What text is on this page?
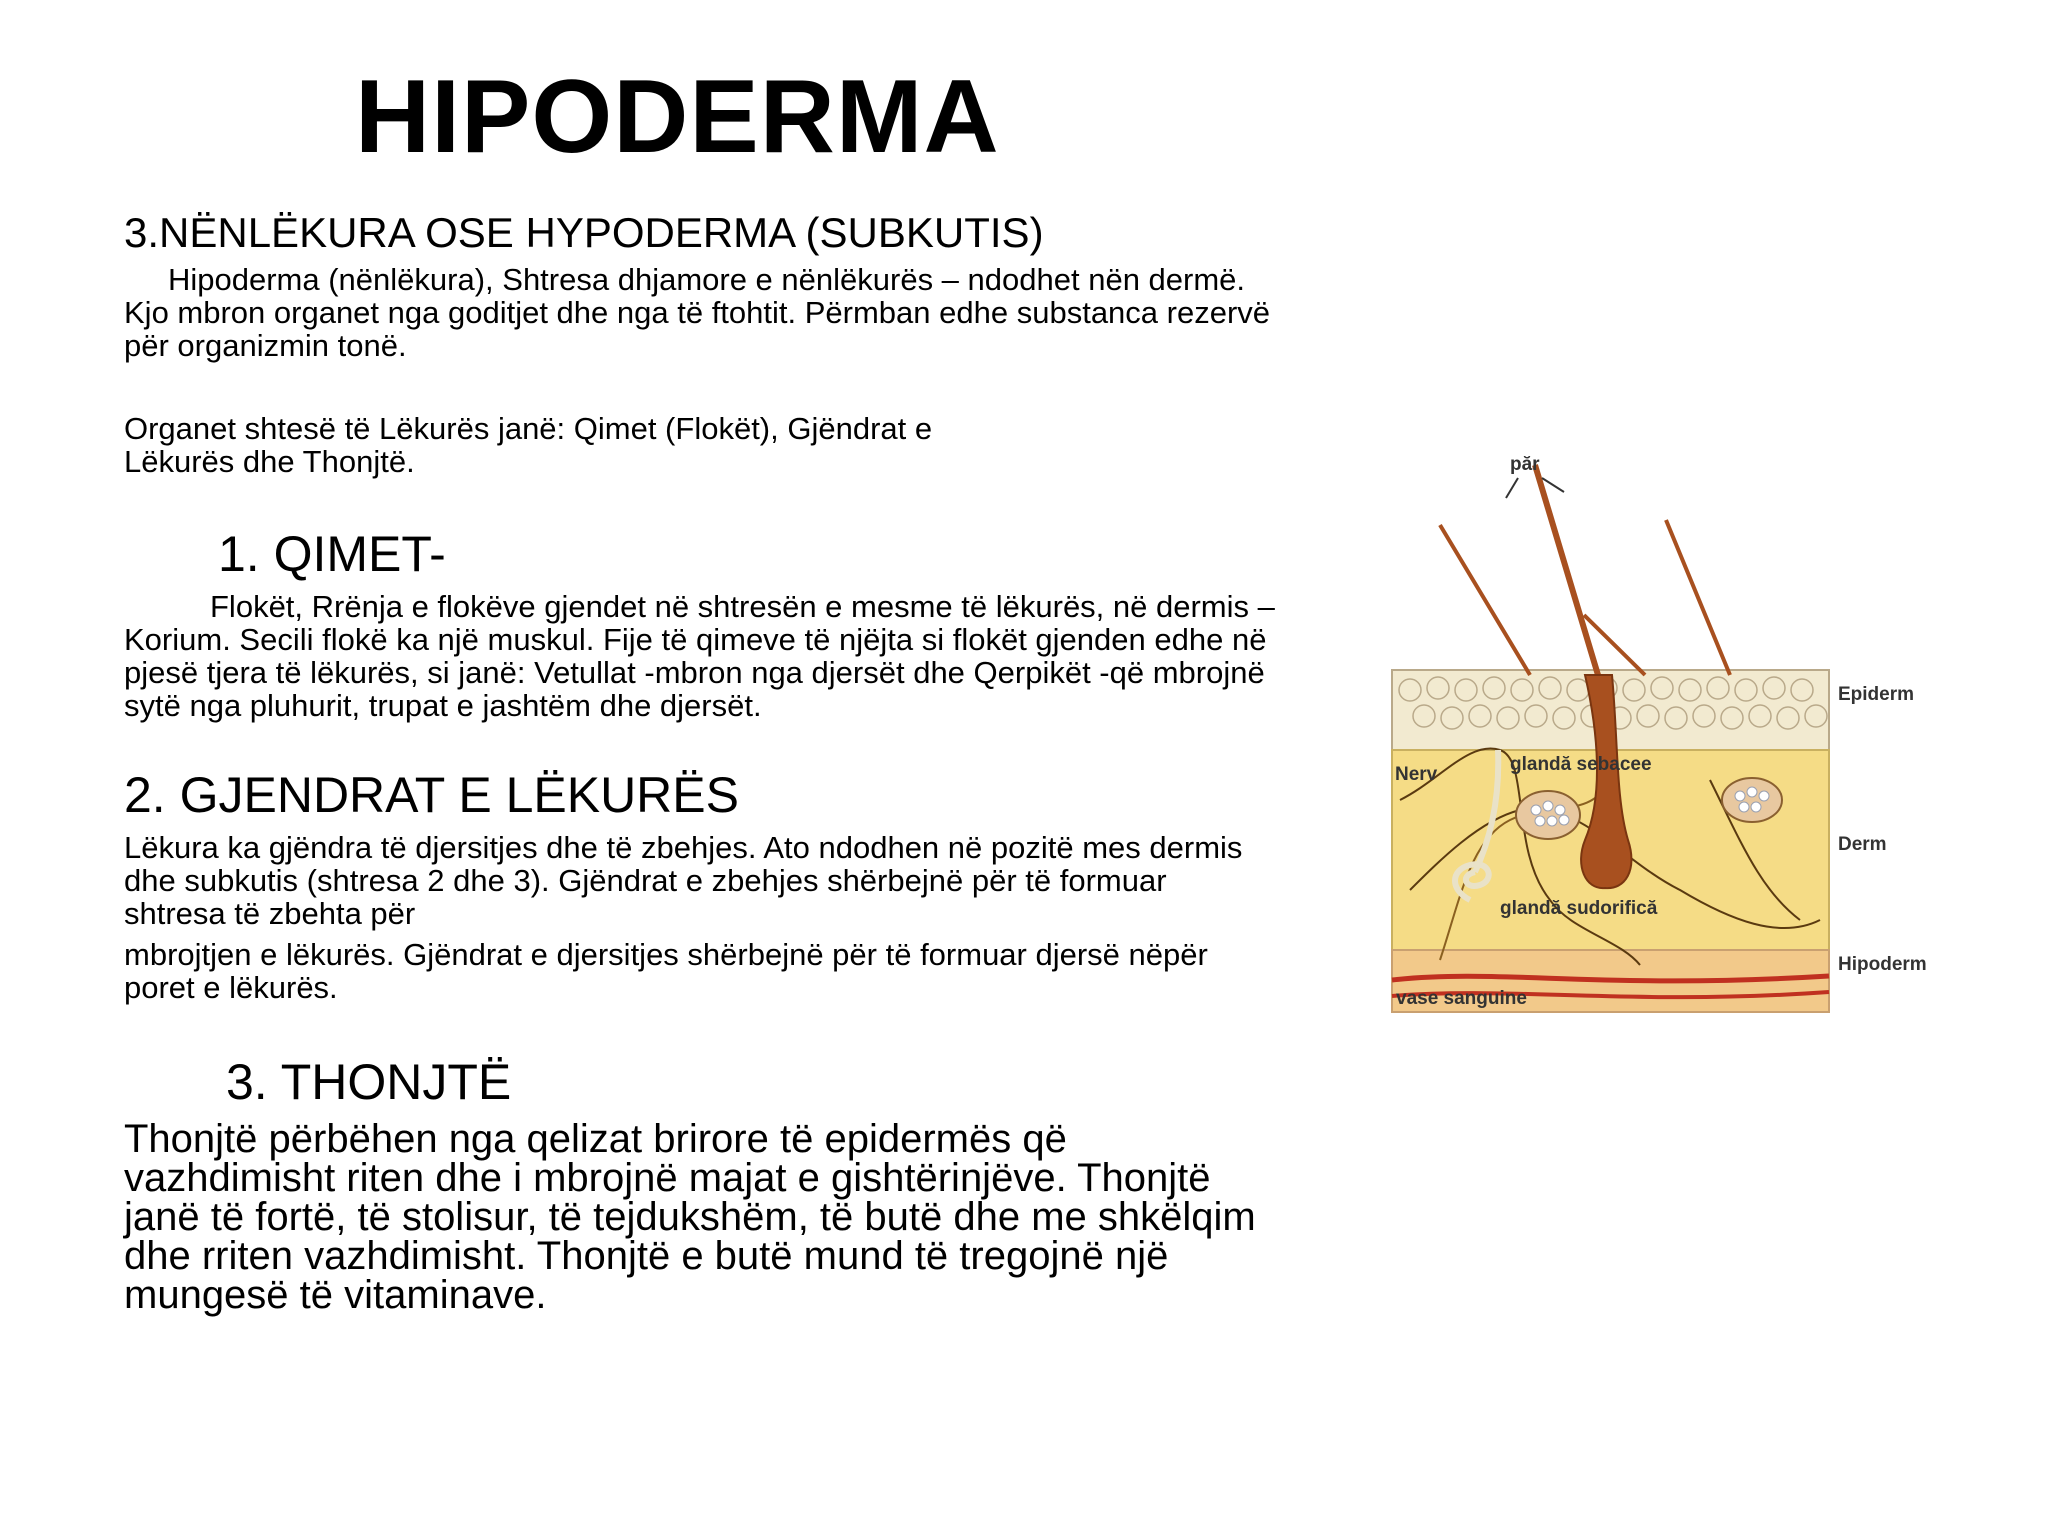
HIPODERMA
3.NËNLËKURA OSE HYPODERMA (SUBKUTIS)
Hipoderma (nënlëkura), Shtresa dhjamore e nënlëkurës – ndodhet nën dermë. Kjo mbron organet nga goditjet dhe nga të ftohtit. Përmban edhe substanca rezervë për organizmin tonë.
Organet shtesë të Lëkurës janë: Qimet (Flokët), Gjëndrat e
Lëkurës dhe Thonjtë.
1. QIMET-
Flokët, Rrënja e flokëve gjendet në shtresën e mesme të lëkurës, në dermis – Korium. Secili flokë ka një muskul. Fije të qimeve të njëjta si flokët gjenden edhe në pjesë tjera të lëkurës, si janë: Vetullat -mbron nga djersët dhe Qerpikët -që mbrojnë sytë nga pluhurit, trupat e jashtëm dhe djersët.
2. GJENDRAT E LËKURËS
Lëkura ka gjëndra të djersitjes dhe të zbehjes. Ato ndodhen në pozitë mes dermis dhe subkutis (shtresa 2 dhe 3). Gjëndrat e zbehjes shërbejnë për të formuar shtresa të zbehta për
mbrojtjen e lëkurës. Gjëndrat e djersitjes shërbejnë për të formuar djersë nëpër poret e lëkurës.
3. THONJTË
Thonjtë përbëhen nga qelizat brirore të epidermës që vazhdimisht riten dhe i mbrojnë majat e gishtërinjëve. Thonjtë janë të fortë, të stolisur, të tejdukshëm, të butë dhe me shkëlqim dhe rriten vazhdimisht. Thonjtë e butë mund të tregojnë një mungesë të vitaminave.
păr
Epiderm
Nerv	glandă sebacee
Derm
glandă sudorifică
Hipoderm
vase sanguine
